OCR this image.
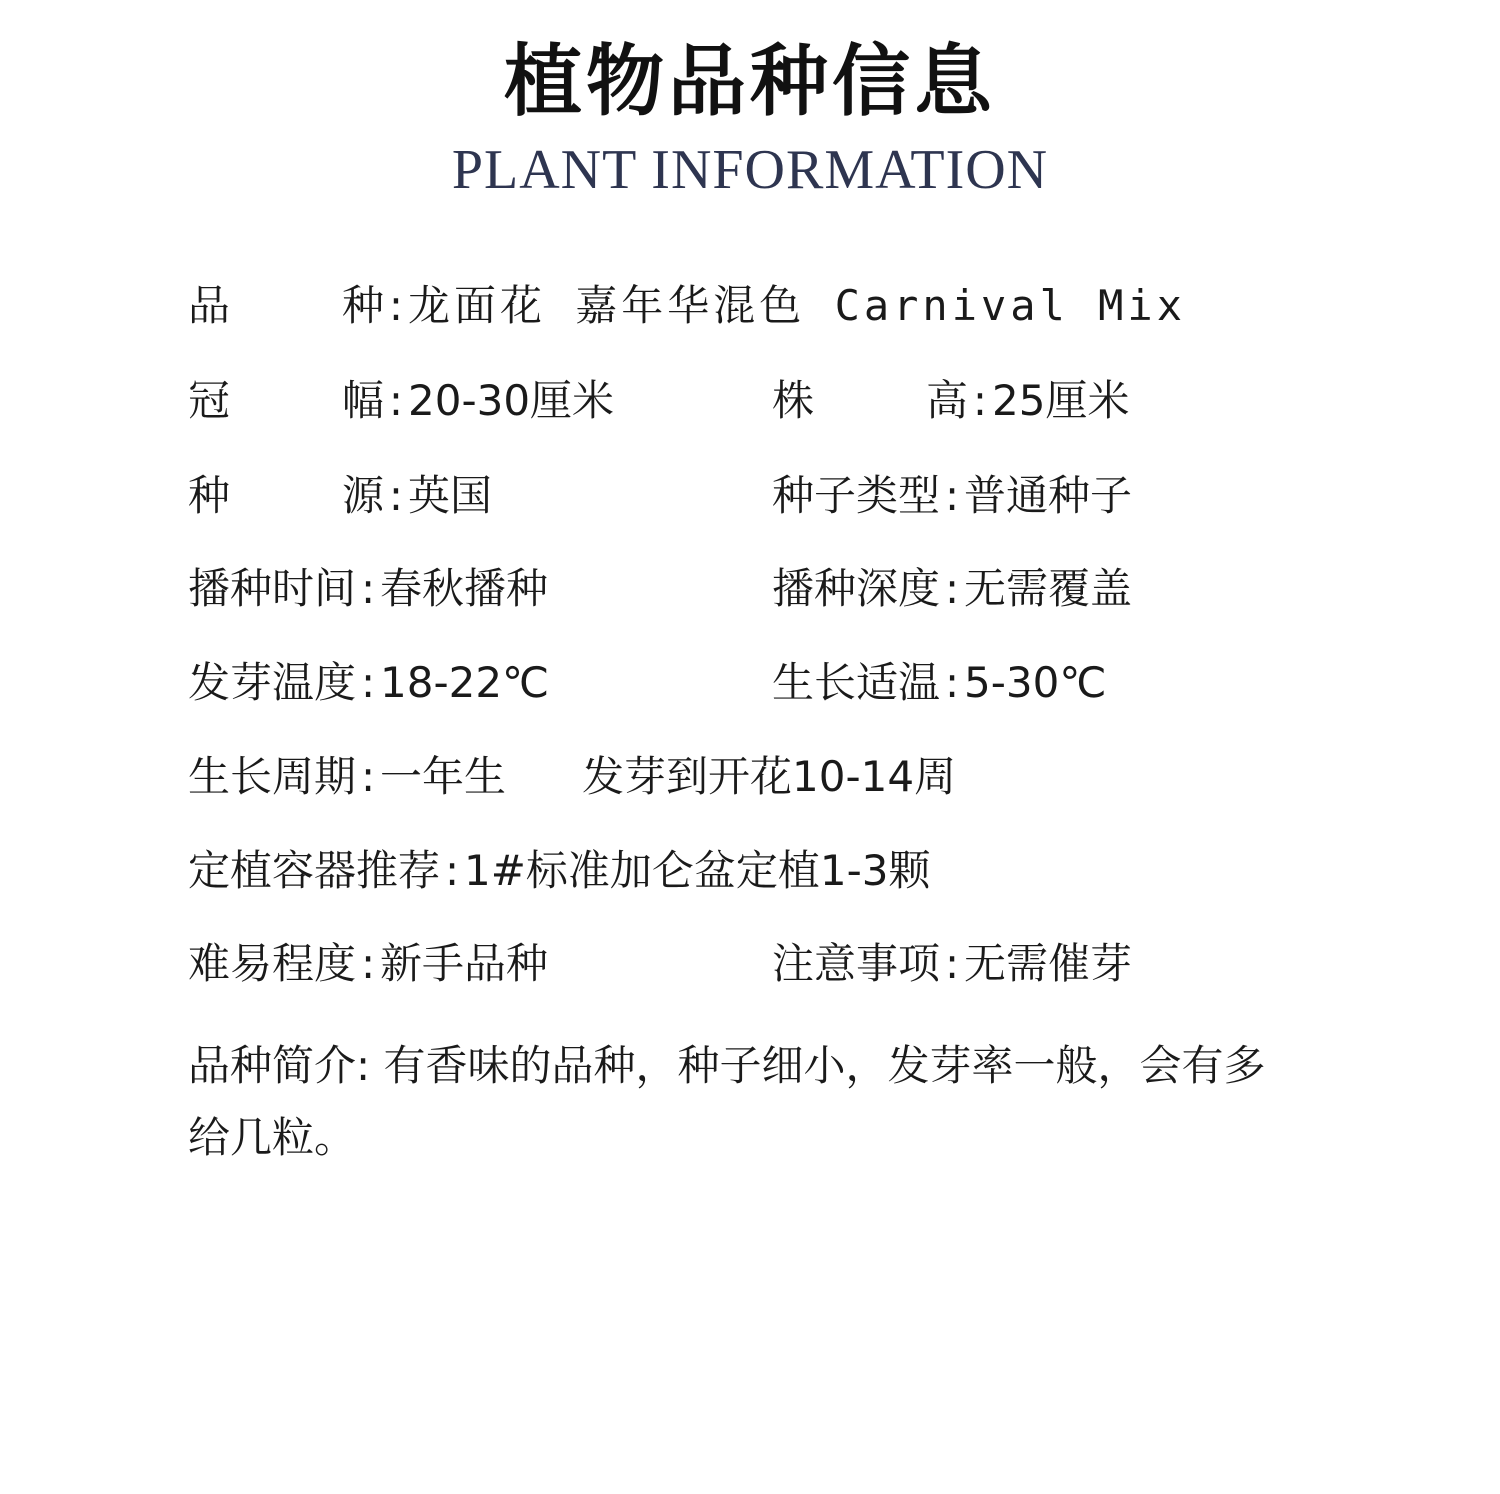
植物品种信息
PLANT INFORMATION
品	种 : 龙面花 嘉年华混色 Carnival Mix
冠	幅 : 20-30厘米	株	高 : 25厘米
种	源 : 英国	种子类型 : 普通种子
播种时间 : 春秋播种	播种深度 : 无需覆盖
发芽温度 : 18-22℃	生长适温 : 5-30℃
生长周期 : 一年生 发芽到开花10-14周
定植容器推荐 : 1#标准加仑盆定植1-3颗
难易程度 : 新手品种	注意事项 : 无需催芽
品种简介: 有香味的品种，种子细小，发芽率一般，会有多给几粒。
